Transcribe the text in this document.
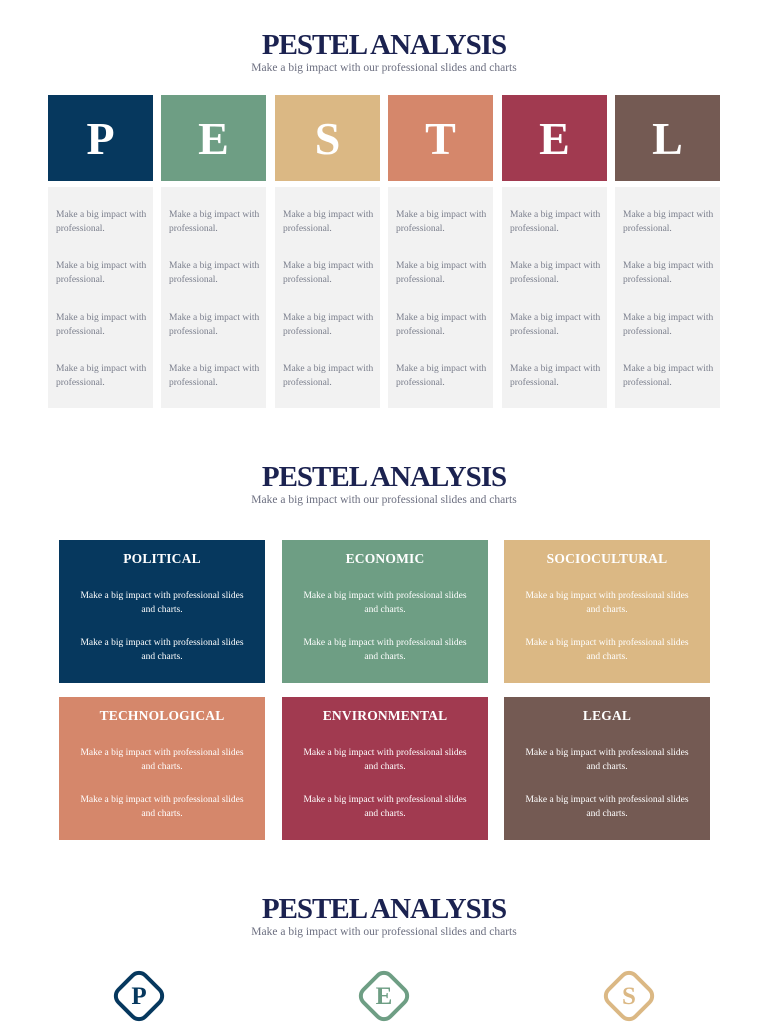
PESTEL ANALYSIS
Make a big impact with our professional slides and charts
P
Make a big impact with professional.
Make a big impact with professional.
Make a big impact with professional.
Make a big impact with professional.
E
Make a big impact with professional.
Make a big impact with professional.
Make a big impact with professional.
Make a big impact with professional.
S
Make a big impact with professional.
Make a big impact with professional.
Make a big impact with professional.
Make a big impact with professional.
T
Make a big impact with professional.
Make a big impact with professional.
Make a big impact with professional.
Make a big impact with professional.
E
Make a big impact with professional.
Make a big impact with professional.
Make a big impact with professional.
Make a big impact with professional.
L
Make a big impact with professional.
Make a big impact with professional.
Make a big impact with professional.
Make a big impact with professional.
PESTEL ANALYSIS
Make a big impact with our professional slides and charts
POLITICAL
Make a big impact with professional slides and charts.
Make a big impact with professional slides and charts.
ECONOMIC
Make a big impact with professional slides and charts.
Make a big impact with professional slides and charts.
SOCIOCULTURAL
Make a big impact with professional slides and charts.
Make a big impact with professional slides and charts.
TECHNOLOGICAL
Make a big impact with professional slides and charts.
Make a big impact with professional slides and charts.
ENVIRONMENTAL
Make a big impact with professional slides and charts.
Make a big impact with professional slides and charts.
LEGAL
Make a big impact with professional slides and charts.
Make a big impact with professional slides and charts.
PESTEL ANALYSIS
Make a big impact with our professional slides and charts
P	E	S
